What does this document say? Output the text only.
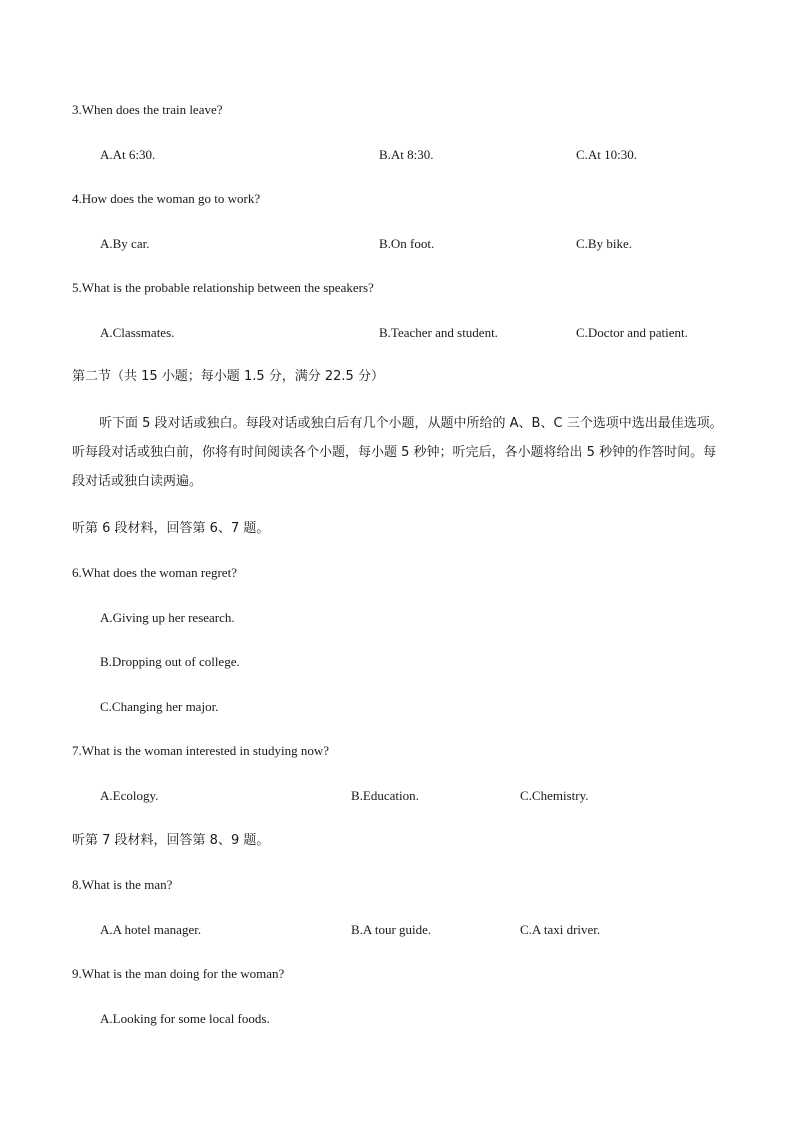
3.When does the train leave?
A.At 6:30.	B.At 8:30.	C.At 10:30.
4.How does the woman go to work?
A.By car.	B.On foot.	C.By bike.
5.What is the probable relationship between the speakers?
A.Classmates.	B.Teacher and student.	C.Doctor and patient.
第二节（共 15 小题；每小题 1.5 分，满分 22.5 分）
听下面 5 段对话或独白。每段对话或独白后有几个小题，从题中所给的 A、B、C 三个选项中选出最佳选项。听每段对话或独白前，你将有时间阅读各个小题，每小题 5 秒钟；听完后，各小题将给出 5 秒钟的作答时间。每段对话或独白读两遍。
听第 6 段材料，回答第 6、7 题。
6.What does the woman regret?
A.Giving up her research.
B.Dropping out of college.
C.Changing her major.
7.What is the woman interested in studying now?
A.Ecology.	B.Education.	C.Chemistry.
听第 7 段材料，回答第 8、9 题。
8.What is the man?
A.A hotel manager.	B.A tour guide.	C.A taxi driver.
9.What is the man doing for the woman?
A.Looking for some local foods.
